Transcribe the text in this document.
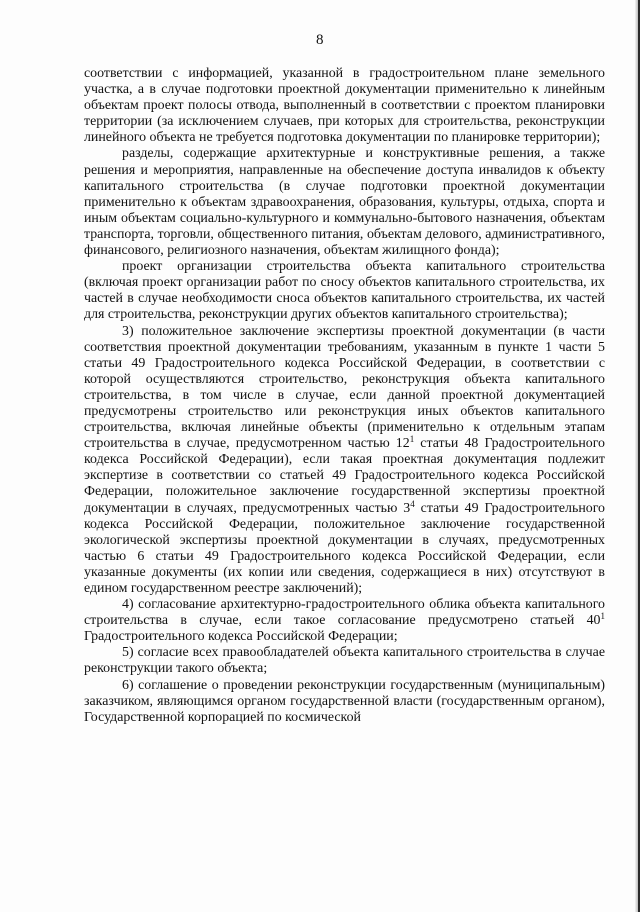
8

соответствии с информацией, указанной в градостроительном плане земельного участка, а в случае подготовки проектной документации применительно к линейным объектам проект полосы отвода, выполненный в соответствии с проектом планировки территории (за исключением случаев, при которых для строительства, реконструкции линейного объекта не требуется подготовка документации по планировке территории);

разделы, содержащие архитектурные и конструктивные решения, а также решения и мероприятия, направленные на обеспечение доступа инвалидов к объекту капитального строительства (в случае подготовки проектной документации применительно к объектам здравоохранения, образования, культуры, отдыха, спорта и иным объектам социально-культурного и коммунально-бытового назначения, объектам транспорта, торговли, общественного питания, объектам делового, административного, финансового, религиозного назначения, объектам жилищного фонда);

проект организации строительства объекта капитального строительства (включая проект организации работ по сносу объектов капитального строительства, их частей в случае необходимости сноса объектов капитального строительства, их частей для строительства, реконструкции других объектов капитального строительства);

3) положительное заключение экспертизы проектной документации (в части соответствия проектной документации требованиям, указанным в пункте 1 части 5 статьи 49 Градостроительного кодекса Российской Федерации, в соответствии с которой осуществляются строительство, реконструкция объекта капитального строительства, в том числе в случае, если данной проектной документацией предусмотрены строительство или реконструкция иных объектов капитального строительства, включая линейные объекты (применительно к отдельным этапам строительства в случае, предусмотренном частью $12^1$ статьи 48 Градостроительного кодекса Российской Федерации), если такая проектная документация подлежит экспертизе в соответствии со статьей 49 Градостроительного кодекса Российской Федерации, положительное заключение государственной экспертизы проектной документации в случаях, предусмотренных частью $3^4$ статьи 49 Градостроительного кодекса Российской Федерации, положительное заключение государственной экологической экспертизы проектной документации в случаях, предусмотренных частью 6 статьи 49 Градостроительного кодекса Российской Федерации, если указанные документы (их копии или сведения, содержащиеся в них) отсутствуют в едином государственном реестре заключений);

4) согласование архитектурно-градостроительного облика объекта капитального строительства в случае, если такое согласование предусмотрено статьей $40^1$ Градостроительного кодекса Российской Федерации;

5) согласие всех правообладателей объекта капитального строительства в случае реконструкции такого объекта;

6) соглашение о проведении реконструкции государственным (муниципальным) заказчиком, являющимся органом государственной власти (государственным органом), Государственной корпорацией по космической
